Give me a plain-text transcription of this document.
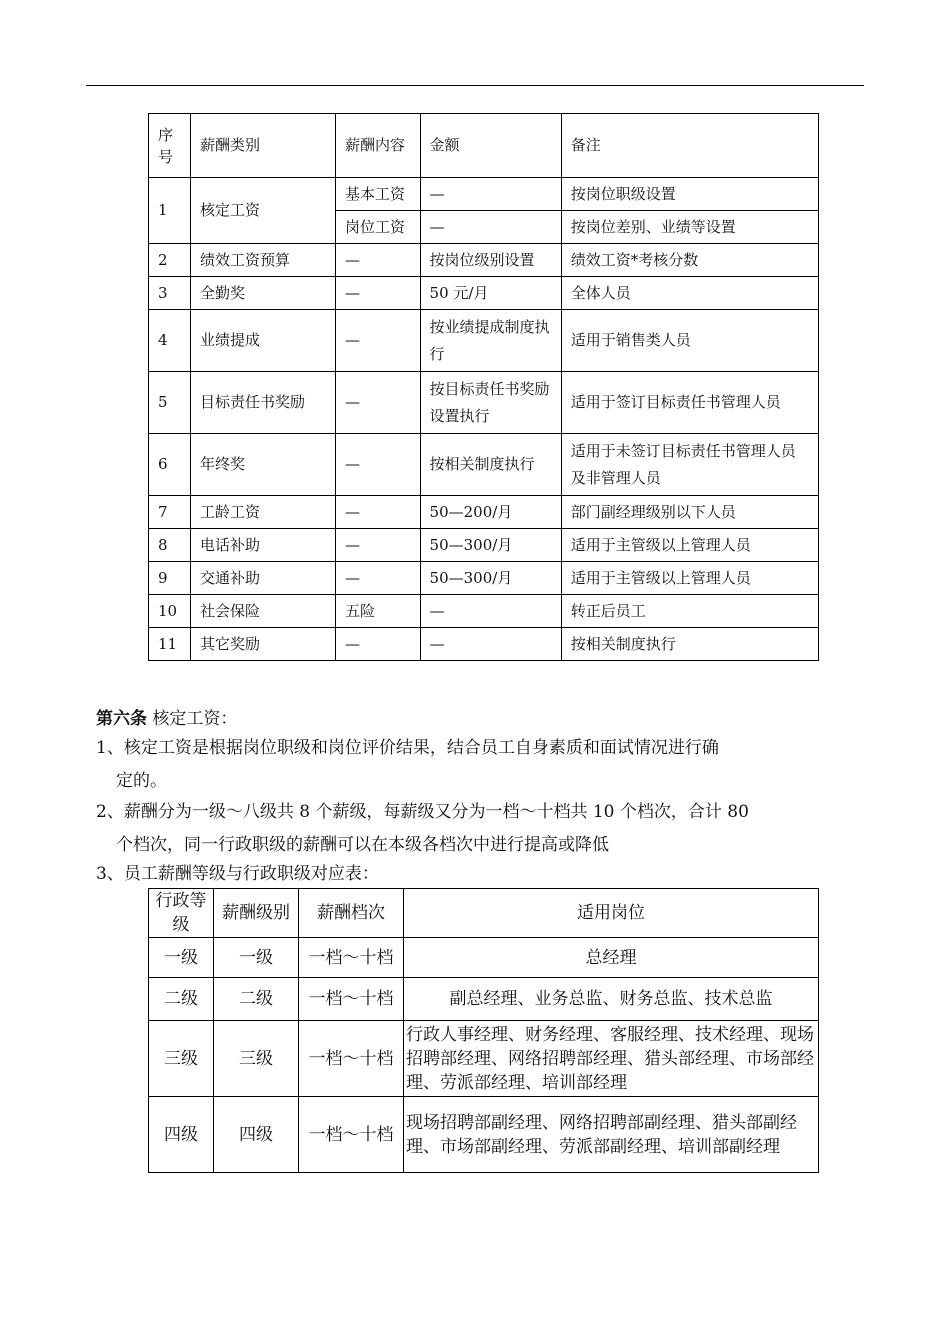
序
号	薪酬类别	薪酬内容	金额	备注
1	核定工资	基本工资	—	按岗位职级设置
		岗位工资	—	按岗位差别、业绩等设置
2	绩效工资预算	—	按岗位级别设置	绩效工资*考核分数
3	全勤奖	—	50 元/月	全体人员
4	业绩提成	—	按业绩提成制度执行	适用于销售类人员
5	目标责任书奖励	—	按目标责任书奖励设置执行	适用于签订目标责任书管理人员
6	年终奖	—	按相关制度执行	适用于未签订目标责任书管理人员及非管理人员
7	工龄工资	—	50—200/月	部门副经理级别以下人员
8	电话补助	—	50—300/月	适用于主管级以上管理人员
9	交通补助	—	50—300/月	适用于主管级以上管理人员
10	社会保险	五险	—	转正后员工
11	其它奖励	—	—	按相关制度执行
第六条 核定工资：
1、核定工资是根据岗位职级和岗位评价结果，结合员工自身素质和面试情况进行确
定的。
2、薪酬分为一级～八级共 8 个薪级，每薪级又分为一档～十档共 10 个档次，合计 80
个档次，同一行政职级的薪酬可以在本级各档次中进行提高或降低
3、员工薪酬等级与行政职级对应表：
行政等级	薪酬级别	薪酬档次	适用岗位
一级	一级	一档～十档	总经理
二级	二级	一档～十档	副总经理、业务总监、财务总监、技术总监
三级	三级	一档～十档	行政人事经理、财务经理、客服经理、技术经理、现场招聘部经理、网络招聘部经理、猎头部经理、市场部经理、劳派部经理、培训部经理
四级	四级	一档～十档	现场招聘部副经理、网络招聘部副经理、猎头部副经理、市场部副经理、劳派部副经理、培训部副经理
